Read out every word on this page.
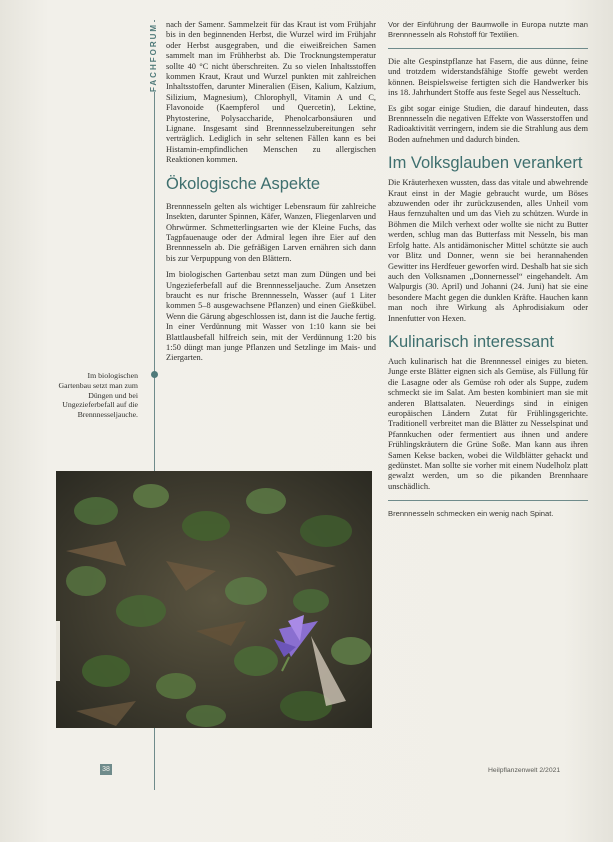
FACHFORUM nach der Samenr. Sammelzeit für das Kraut ist vom Frühjahr bis in den beginnenden Herbst, die Wurzel wird im Frühjahr oder Herbst ausgegraben, und die eiweißreichen Samen sammelt man im Frühherbst ab. Die Trocknungstemperatur sollte 40 °C nicht überschreiten. Zu so vielen Inhaltsstoffen kommen Kraut, Kraut und Wurzel punkten mit zahlreichen Inhaltsstoffen, darunter Mineralien (Eisen, Kalium, Kalzium, Silizium, Magnesium), Chlorophyll, Vitamin A und C, Flavonoide (Kaempferol und Quercetin), Lektine, Phytosterine, Polysaccharide, Phenolcarbonsäuren und Lignane. Insgesamt sind Brennnesselzubereitungen sehr verträglich. Lediglich in sehr seltenen Fällen kann es bei Histamin-empfindlichen Menschen zu allergischen Reaktionen kommen.

Ökologische Aspekte

Brennnesseln gelten als wichtiger Lebensraum für zahlreiche Insekten, darunter Spinnen, Käfer, Wanzen, Fliegenlarven und Ohrwürmer. Schmetterlingsarten wie der Kleine Fuchs, das Tagpfauenauge oder der Admiral legen ihre Eier auf den Brennnesseln ab. Die gefräßigen Larven ernähren sich dann bis zur Verpuppung von den Blättern.

Im biologischen Gartenbau setzt man zum Düngen und bei Ungezieferbefall auf die Brennnesseljauche. Zum Ansetzen braucht es nur frische Brennnesseln, Wasser (auf 1 Liter kommen 5–8 ausgewachsene Pflanzen) und einen Gießkübel. Wenn die Gärung abgeschlossen ist, dann ist die Jauche fertig. In einer Verdünnung mit Wasser von 1:10 kann sie bei Blattlausbefall hilfreich sein, mit der Verdünnung 1:20 bis 1:50 düngt man junge Pflanzen und Setzlinge im Mais- und Ziergarten.

Im biologischen Gartenbau setzt man zum Düngen und bei Ungezieferbefall auf die Brennnesseljauche.
Vor der Einführung der Baumwolle in Europa nutzte man Brennnesseln als Rohstoff für Textilien.

Die alte Gespinstpflanze hat Fasern, die aus dünne, feine und trotzdem widerstandsfähige Stoffe gewebt werden können. Beispielsweise fertigten sich die Handwerker bis ins 18. Jahrhundert Stoffe aus feste Segel aus Nesseltuch.

Es gibt sogar einige Studien, die darauf hindeuten, dass Brennnesseln die negativen Effekte von Wasserstoffen und Radioaktivität verringern, indem sie die Strahlung aus dem Boden aufnehmen und dadurch binden.

Im Volksglauben verankert

Die Kräuterhexen wussten, dass das vitale und abwehrende Kraut einst in der Magie gebraucht wurde, um Böses abzuwenden oder ihr zurückzusenden, alles Unheil vom Haus fernzuhalten und um das Vieh zu schützen. Wurde in Böhmen die Milch verhext oder wollte sie nicht zu Butter werden, schlug man das Butterfass mit Nesseln, bis man Erfolg hatte. Als antidämonischer Mittel schützte sie auch vor Blitz und Donner, wenn sie bei herannahenden Gewitter ins Herdfeuer geworfen wird. Deshalb hat sie sich auch den Volksnamen „Donnernessel“ eingehandelt. Am Walpurgis (30. April) und Johanni (24. Juni) hat sie eine besondere Macht gegen die dunklen Kräfte. Hauchen kann man noch ihre Wirkung als Aphrodisiakum oder Innenfutter von Hexen.

Kulinarisch interessant

Auch kulinarisch hat die Brennnessel einiges zu bieten. Junge erste Blätter eignen sich als Gemüse, als Füllung für die Lasagne oder als Gemüse roh oder als Suppe, zudem schmeckt sie im Salat. Am besten kombiniert man sie mit anderen Blattsalaten. Neuerdings sind in einigen europäischen Ländern Zutat für Frühlingsgerichte. Traditionell verbreitet man die Blätter zu Nesselspinat und Pfannkuchen oder fermentiert aus ihnen und andere Frühlingskräutern die Grüne Soße. Man kann aus ihren Samen Kekse backen, wobei die Wildblätter gehackt und gedünstet. Man sollte sie vorher mit einem Nudelholz platt gewalzt werden, um so die pikanden Brennhaare unschädlich.

Brennnesseln schmecken ein wenig nach Spinat.
38	Heilpflanzenwelt 2/2021
